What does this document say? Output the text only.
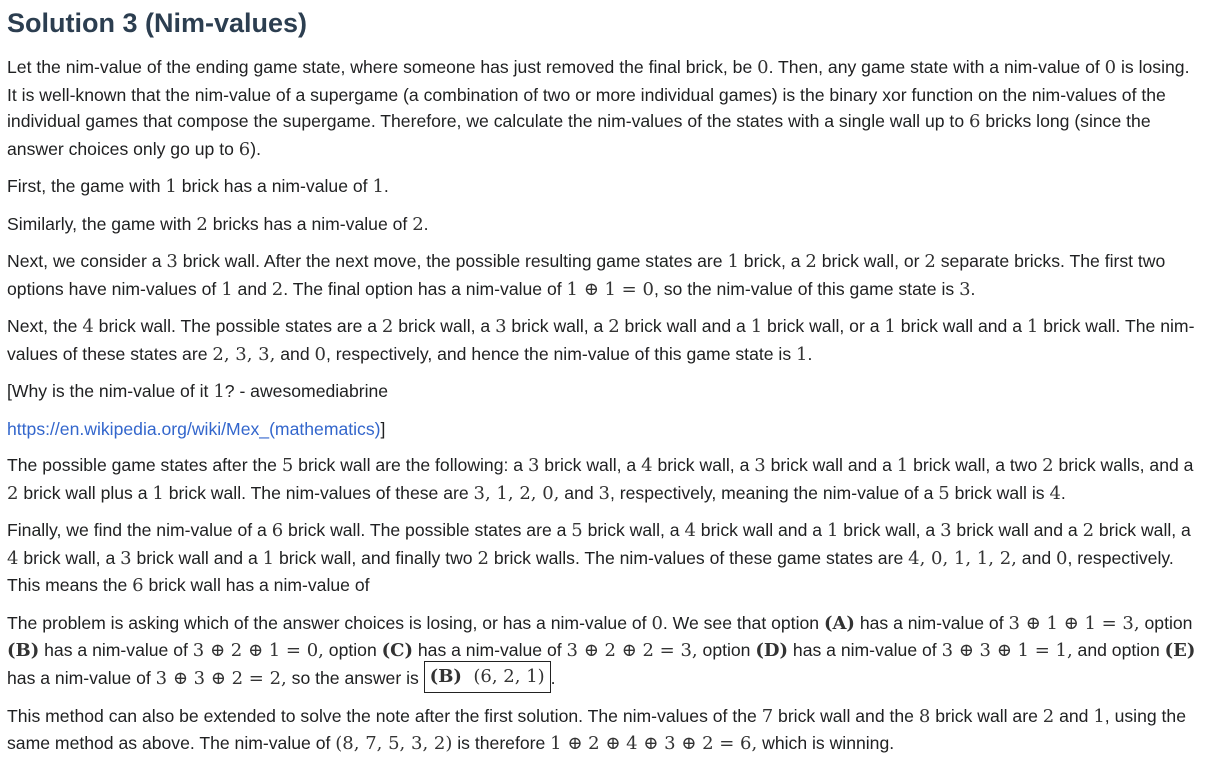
Solution 3 (Nim-values)

Let the nim-value of the ending game state, where someone has just removed the final brick, be 0. Then, any game state with a nim-value of 0 is losing. It is well-known that the nim-value of a supergame (a combination of two or more individual games) is the binary xor function on the nim-values of the individual games that compose the supergame. Therefore, we calculate the nim-values of the states with a single wall up to 6 bricks long (since the answer choices only go up to 6).

First, the game with 1 brick has a nim-value of 1.

Similarly, the game with 2 bricks has a nim-value of 2.

Next, we consider a 3 brick wall. After the next move, the possible resulting game states are 1 brick, a 2 brick wall, or 2 separate bricks. The first two options have nim-values of 1 and 2. The final option has a nim-value of 1 ⊕ 1 = 0, so the nim-value of this game state is 3.

Next, the 4 brick wall. The possible states are a 2 brick wall, a 3 brick wall, a 2 brick wall and a 1 brick wall, or a 1 brick wall and a 1 brick wall. The nim-values of these states are 2, 3, 3, and 0, respectively, and hence the nim-value of this game state is 1.

[Why is the nim-value of it 1? - awesomediabrine

https://en.wikipedia.org/wiki/Mex_(mathematics)]

The possible game states after the 5 brick wall are the following: a 3 brick wall, a 4 brick wall, a 3 brick wall and a 1 brick wall, a two 2 brick walls, and a 2 brick wall plus a 1 brick wall. The nim-values of these are 3, 1, 2, 0, and 3, respectively, meaning the nim-value of a 5 brick wall is 4.

Finally, we find the nim-value of a 6 brick wall. The possible states are a 5 brick wall, a 4 brick wall and a 1 brick wall, a 3 brick wall and a 2 brick wall, a 4 brick wall, a 3 brick wall and a 1 brick wall, and finally two 2 brick walls. The nim-values of these game states are 4, 0, 1, 1, 2, and 0, respectively. This means the 6 brick wall has a nim-value of

The problem is asking which of the answer choices is losing, or has a nim-value of 0. We see that option (A) has a nim-value of 3 ⊕ 1 ⊕ 1 = 3, option (B) has a nim-value of 3 ⊕ 2 ⊕ 1 = 0, option (C) has a nim-value of 3 ⊕ 2 ⊕ 2 = 3, option (D) has a nim-value of 3 ⊕ 3 ⊕ 1 = 1, and option (E) has a nim-value of 3 ⊕ 3 ⊕ 2 = 2, so the answer is (B) (6, 2, 1) .

This method can also be extended to solve the note after the first solution. The nim-values of the 7 brick wall and the 8 brick wall are 2 and 1, using the same method as above. The nim-value of (8, 7, 5, 3, 2) is therefore 1 ⊕ 2 ⊕ 4 ⊕ 3 ⊕ 2 = 6, which is winning.
